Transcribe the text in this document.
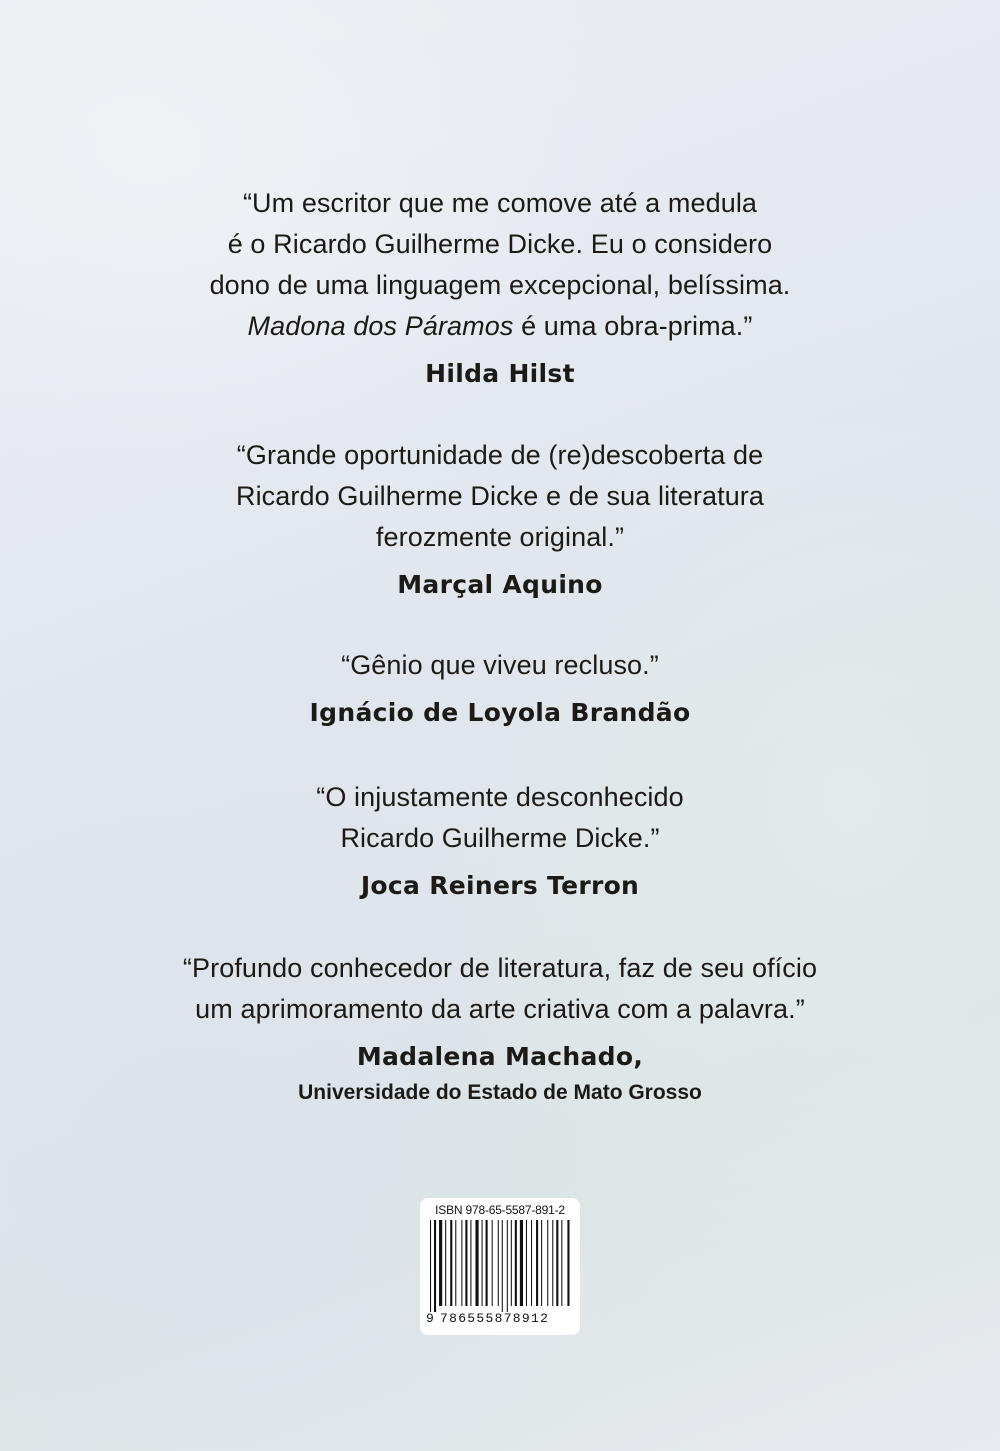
“Um escritor que me comove até a medula
é o Ricardo Guilherme Dicke. Eu o considero
dono de uma linguagem excepcional, belíssima.
Madona dos Páramos é uma obra-prima.”

Hilda Hilst

“Grande oportunidade de (re)descoberta de
Ricardo Guilherme Dicke e de sua literatura
ferozmente original.”

Marçal Aquino

“Gênio que viveu recluso.”

Ignácio de Loyola Brandão

“O injustamente desconhecido
Ricardo Guilherme Dicke.”

Joca Reiners Terron

“Profundo conhecedor de literatura, faz de seu ofício
um aprimoramento da arte criativa com a palavra.”

Madalena Machado,
Universidade do Estado de Mato Grosso
ISBN 978-65-5587-891-2
9 786555878912
